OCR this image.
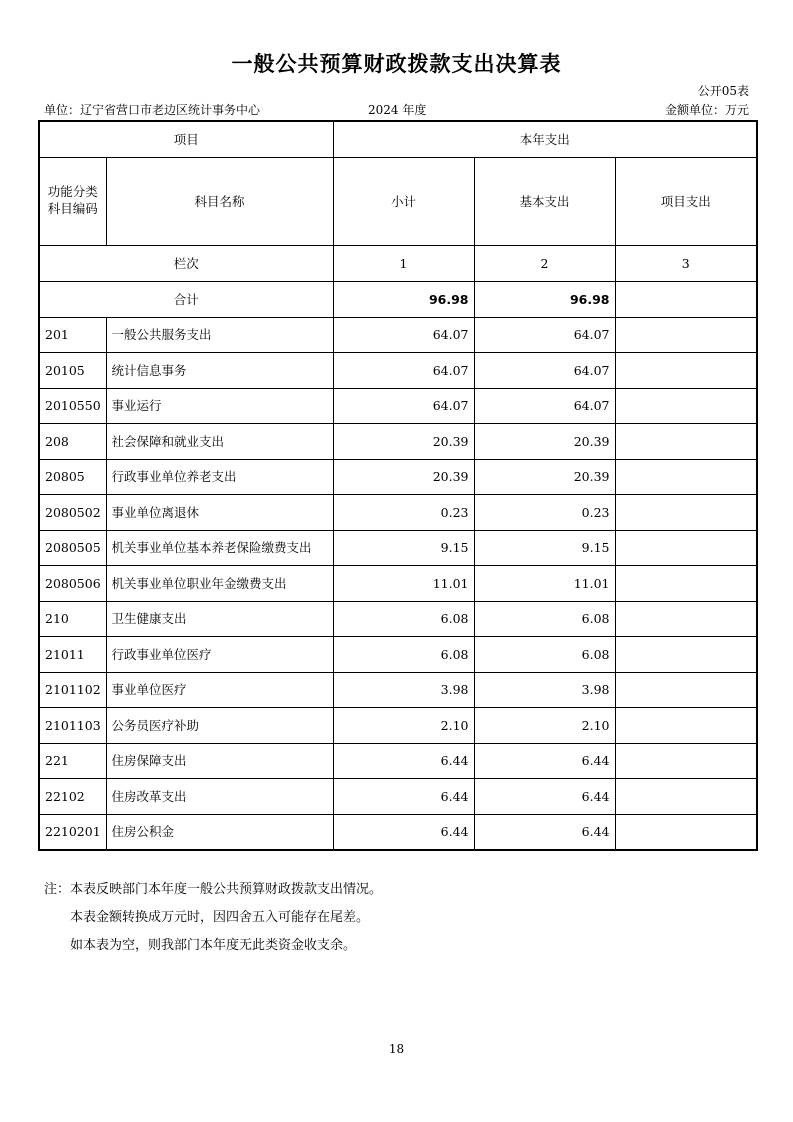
一般公共预算财政拨款支出决算表
公开05表
单位：辽宁省营口市老边区统计事务中心	2024 年度	金额单位：万元
项目		本年支出		
功能分类科目编码	科目名称	小计	基本支出	项目支出
栏次		1	2	3
合计		96.98	96.98	
201	一般公共服务支出	64.07	64.07	
20105	统计信息事务	64.07	64.07	
2010550	事业运行	64.07	64.07	
208	社会保障和就业支出	20.39	20.39	
20805	行政事业单位养老支出	20.39	20.39	
2080502	事业单位离退休	0.23	0.23	
2080505	机关事业单位基本养老保险缴费支出	9.15	9.15	
2080506	机关事业单位职业年金缴费支出	11.01	11.01	
210	卫生健康支出	6.08	6.08	
21011	行政事业单位医疗	6.08	6.08	
2101102	事业单位医疗	3.98	3.98	
2101103	公务员医疗补助	2.10	2.10	
221	住房保障支出	6.44	6.44	
22102	住房改革支出	6.44	6.44	
2210201	住房公积金	6.44	6.44	
注：本表反映部门本年度一般公共预算财政拨款支出情况。
本表金额转换成万元时，因四舍五入可能存在尾差。
如本表为空，则我部门本年度无此类资金收支余。
18
